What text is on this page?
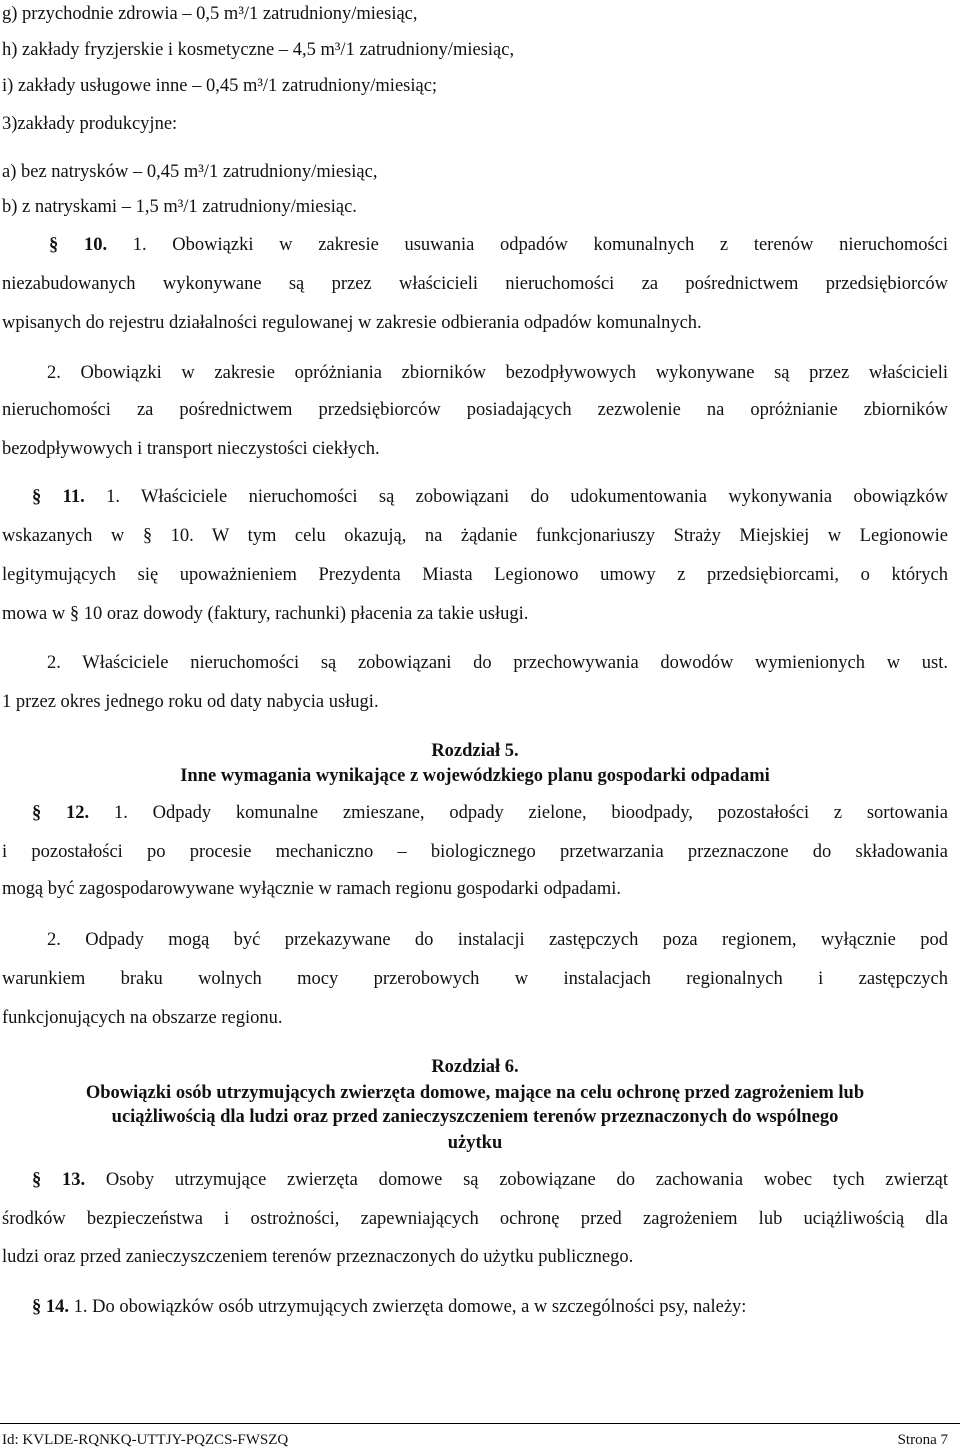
g) przychodnie zdrowia – 0,5 m³/1 zatrudniony/miesiąc,
h) zakłady fryzjerskie i kosmetyczne – 4,5 m³/1 zatrudniony/miesiąc,
i) zakłady usługowe inne – 0,45 m³/1 zatrudniony/miesiąc;
3)zakłady produkcyjne:
a) bez natrysków – 0,45 m³/1 zatrudniony/miesiąc,
b) z natryskami – 1,5 m³/1 zatrudniony/miesiąc.
§ 10. 1. Obowiązki w zakresie usuwania odpadów komunalnych z terenów nieruchomości
niezabudowanych wykonywane są przez właścicieli nieruchomości za pośrednictwem przedsiębiorców
wpisanych do rejestru działalności regulowanej w zakresie odbierania odpadów komunalnych.
2. Obowiązki w zakresie opróżniania zbiorników bezodpływowych wykonywane są przez właścicieli
nieruchomości za pośrednictwem przedsiębiorców posiadających zezwolenie na opróżnianie zbiorników
bezodpływowych i transport nieczystości ciekłych.
§ 11. 1. Właściciele nieruchomości są zobowiązani do udokumentowania wykonywania obowiązków
wskazanych w § 10. W tym celu okazują, na żądanie funkcjonariuszy Straży Miejskiej w Legionowie
legitymujących się upoważnieniem Prezydenta Miasta Legionowo umowy z przedsiębiorcami, o których
mowa w § 10 oraz dowody (faktury, rachunki) płacenia za takie usługi.
2. Właściciele nieruchomości są zobowiązani do przechowywania dowodów wymienionych w ust.
1 przez okres jednego roku od daty nabycia usługi.
Rozdział 5.
Inne wymagania wynikające z wojewódzkiego planu gospodarki odpadami
§ 12. 1. Odpady komunalne zmieszane, odpady zielone, bioodpady, pozostałości z sortowania
i pozostałości po procesie mechaniczno – biologicznego przetwarzania przeznaczone do składowania
mogą być zagospodarowywane wyłącznie w ramach regionu gospodarki odpadami.
2. Odpady mogą być przekazywane do instalacji zastępczych poza regionem, wyłącznie pod
warunkiem braku wolnych mocy przerobowych w instalacjach regionalnych i zastępczych
funkcjonujących na obszarze regionu.
Rozdział 6.
Obowiązki osób utrzymujących zwierzęta domowe, mające na celu ochronę przed zagrożeniem lub
uciążliwością dla ludzi oraz przed zanieczyszczeniem terenów przeznaczonych do wspólnego
użytku
§ 13. Osoby utrzymujące zwierzęta domowe są zobowiązane do zachowania wobec tych zwierząt
środków bezpieczeństwa i ostrożności, zapewniających ochronę przed zagrożeniem lub uciążliwością dla
ludzi oraz przed zanieczyszczeniem terenów przeznaczonych do użytku publicznego.
§ 14. 1. Do obowiązków osób utrzymujących zwierzęta domowe, a w szczególności psy, należy:
Id: KVLDE-RQNKQ-UTTJY-PQZCS-FWSZQ	Strona 7
